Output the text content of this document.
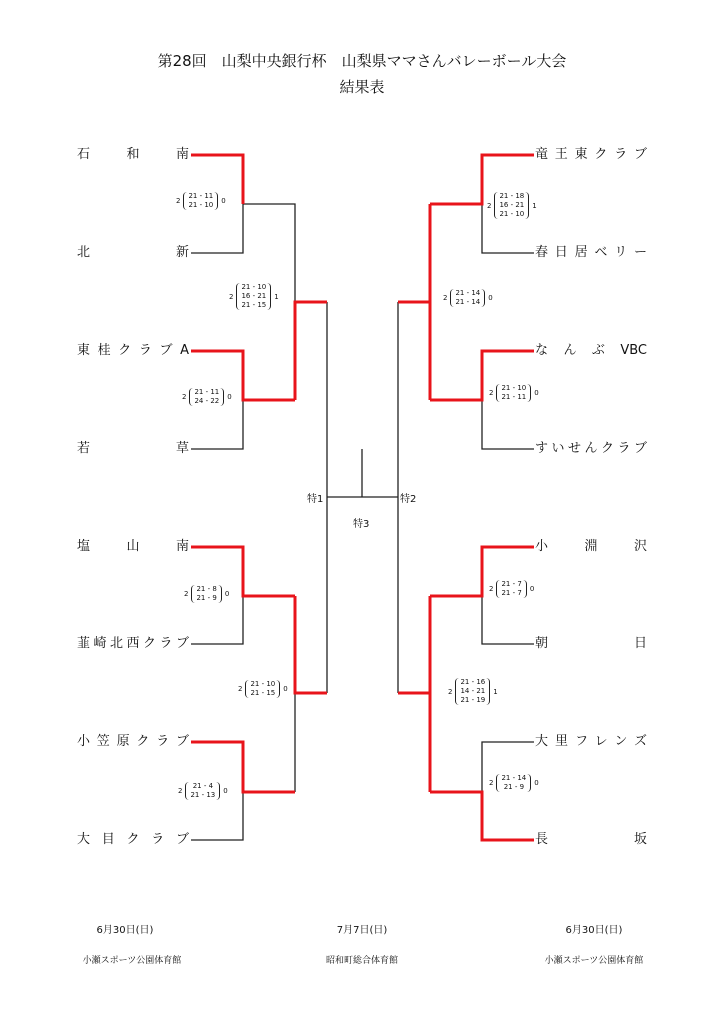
第28回　山梨中央銀行杯　山梨県ママさんバレーボール大会
結果表
石　和　南
北　　新
東桂クラブA
若　　草
塩　山　南
韮崎北西クラブ
小笠原クラブ
大目クラブ
竜王東クラブ
春日居ベリー
なんぶVBC
すいせんクラブ
小　淵　沢
朝　　日
大里フレンズ
長　　坂
2
21 - 11
21 - 10 0
2
21 - 11
24 - 22 0
2
21 - 8
21 - 9 0
2
21 - 4
21 - 13 0
2
21 - 10
16 - 21
21 - 15
1
2
21 - 10
21 - 15 0
2
21 - 18
16 - 21
21 - 10
1
2
21 - 10
21 - 11 0
2
21 - 7
21 - 7 0
2
21 - 14
21 - 9 0
2
21 - 14
21 - 14 0
2
21 - 16
14 - 21
21 - 19
1
特1	特2
特3
6月30日(日)	7月7日(日)	6月30日(日)
小瀬スポーツ公園体育館	昭和町総合体育館	小瀬スポーツ公園体育館
